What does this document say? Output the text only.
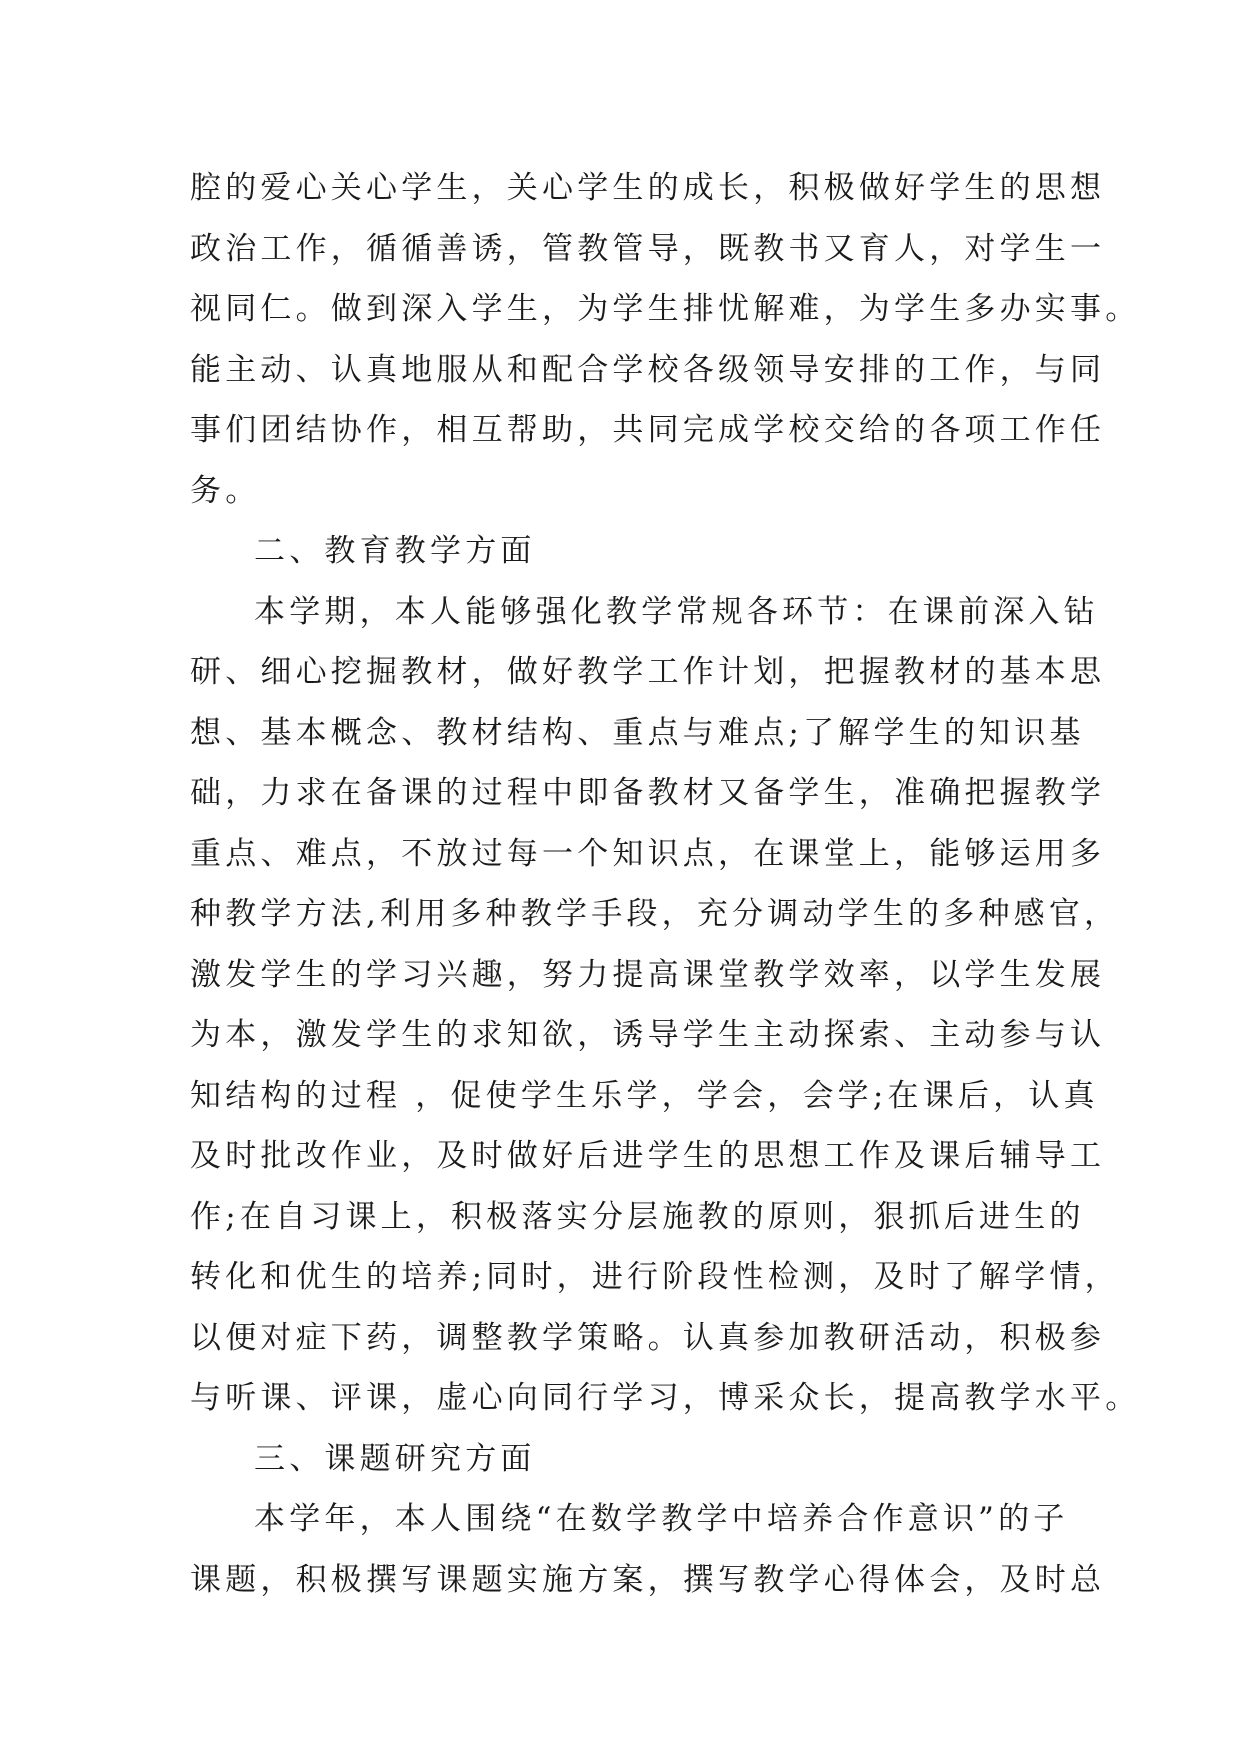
腔的爱心关心学生，关心学生的成长，积极做好学生的思想
政治工作，循循善诱，管教管导，既教书又育人，对学生一
视同仁。做到深入学生，为学生排忧解难，为学生多办实事。
能主动、认真地服从和配合学校各级领导安排的工作，与同
事们团结协作，相互帮助，共同完成学校交给的各项工作任
务。
二、教育教学方面
本学期，本人能够强化教学常规各环节：在课前深入钻
研、细心挖掘教材，做好教学工作计划，把握教材的基本思
想、基本概念、教材结构、重点与难点;了解学生的知识基
础，力求在备课的过程中即备教材又备学生，准确把握教学
重点、难点，不放过每一个知识点，在课堂上，能够运用多
种教学方法,利用多种教学手段，充分调动学生的多种感官，
激发学生的学习兴趣，努力提高课堂教学效率，以学生发展
为本，激发学生的求知欲，诱导学生主动探索、主动参与认
知结构的过程 ，促使学生乐学，学会，会学;在课后，认真
及时批改作业，及时做好后进学生的思想工作及课后辅导工
作;在自习课上，积极落实分层施教的原则，狠抓后进生的
转化和优生的培养;同时，进行阶段性检测，及时了解学情，
以便对症下药，调整教学策略。认真参加教研活动，积极参
与听课、评课，虚心向同行学习，博采众长，提高教学水平。
三、课题研究方面
本学年，本人围绕“在数学教学中培养合作意识”的子
课题，积极撰写课题实施方案，撰写教学心得体会，及时总
